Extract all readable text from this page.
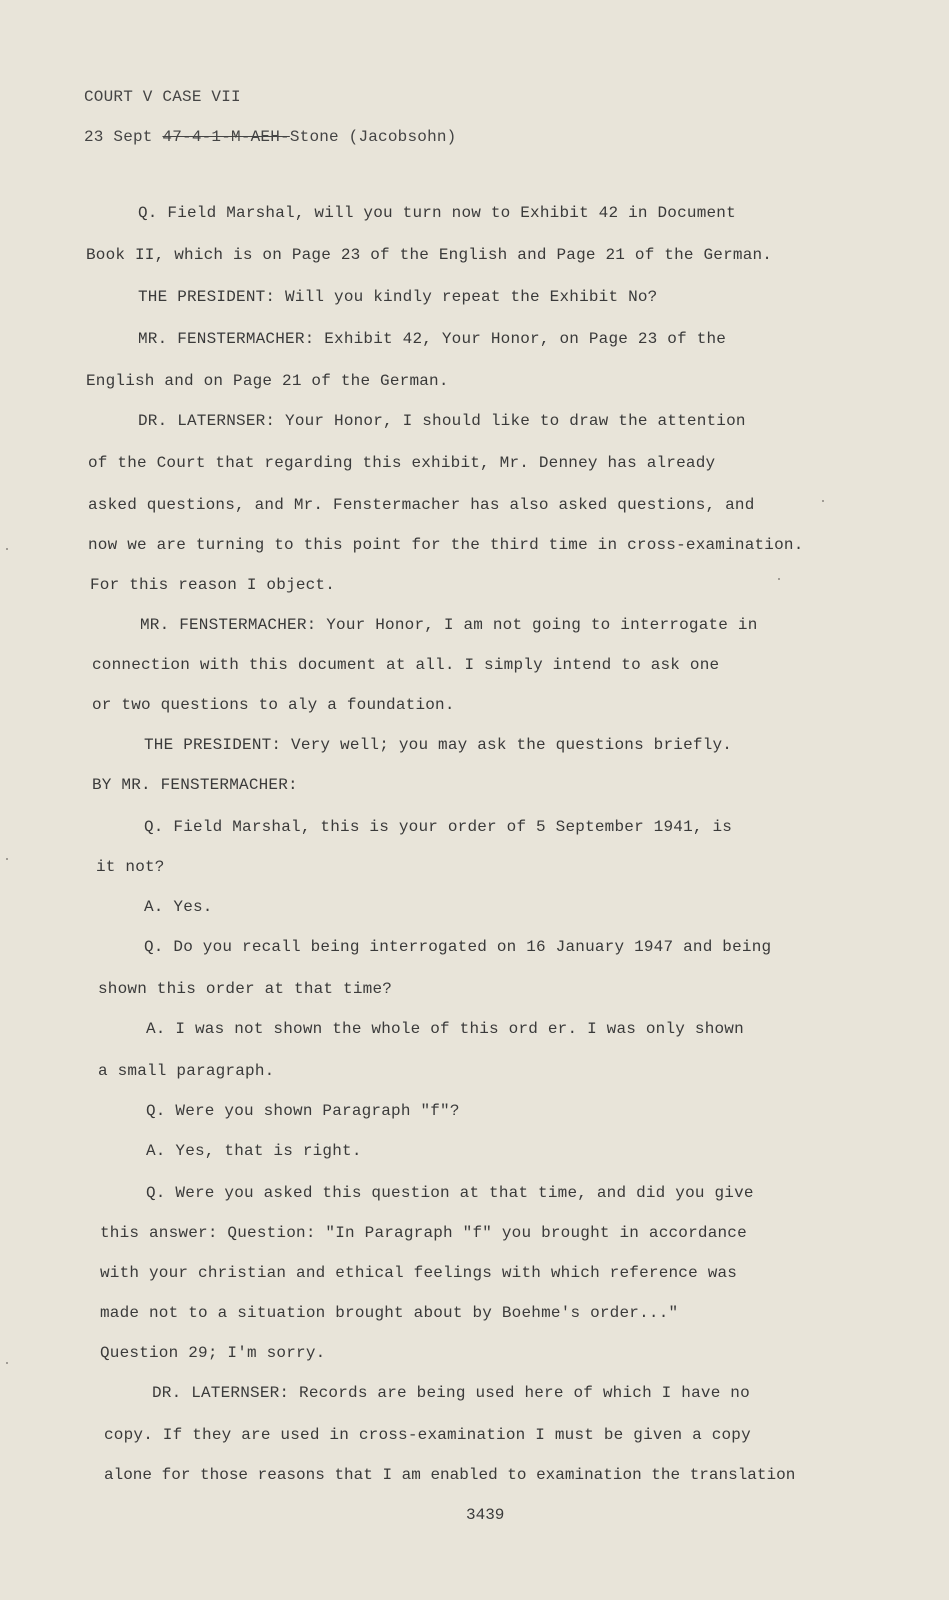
COURT V CASE VII
23 Sept 47-4-1-M-AEH-Stone (Jacobsohn)
Q. Field Marshal, will you turn now to Exhibit 42 in Document
Book II, which is on Page 23 of the English and Page 21 of the German.
THE PRESIDENT: Will you kindly repeat the Exhibit No?
MR. FENSTERMACHER: Exhibit 42, Your Honor, on Page 23 of the
English and on Page 21 of the German.
DR. LATERNSER: Your Honor, I should like to draw the attention
of the Court that regarding this exhibit, Mr. Denney has already
asked questions, and Mr. Fenstermacher has also asked questions, and
now we are turning to this point for the third time in cross-examination.
For this reason I object.
MR. FENSTERMACHER: Your Honor, I am not going to interrogate in
connection with this document at all. I simply intend to ask one
or two questions to aly a foundation.
THE PRESIDENT: Very well; you may ask the questions briefly.
BY MR. FENSTERMACHER:
Q. Field Marshal, this is your order of 5 September 1941, is
it not?
A. Yes.
Q. Do you recall being interrogated on 16 January 1947 and being
shown this order at that time?
A. I was not shown the whole of this ord er. I was only shown
a small paragraph.
Q. Were you shown Paragraph "f"?
A. Yes, that is right.
Q. Were you asked this question at that time, and did you give
this answer: Question: "In Paragraph "f" you brought in accordance
with your christian and ethical feelings with which reference was
made not to a situation brought about by Boehme's order..."
Question 29; I'm sorry.
DR. LATERNSER: Records are being used here of which I have no
copy. If they are used in cross-examination I must be given a copy
alone for those reasons that I am enabled to examination the translation
3439
